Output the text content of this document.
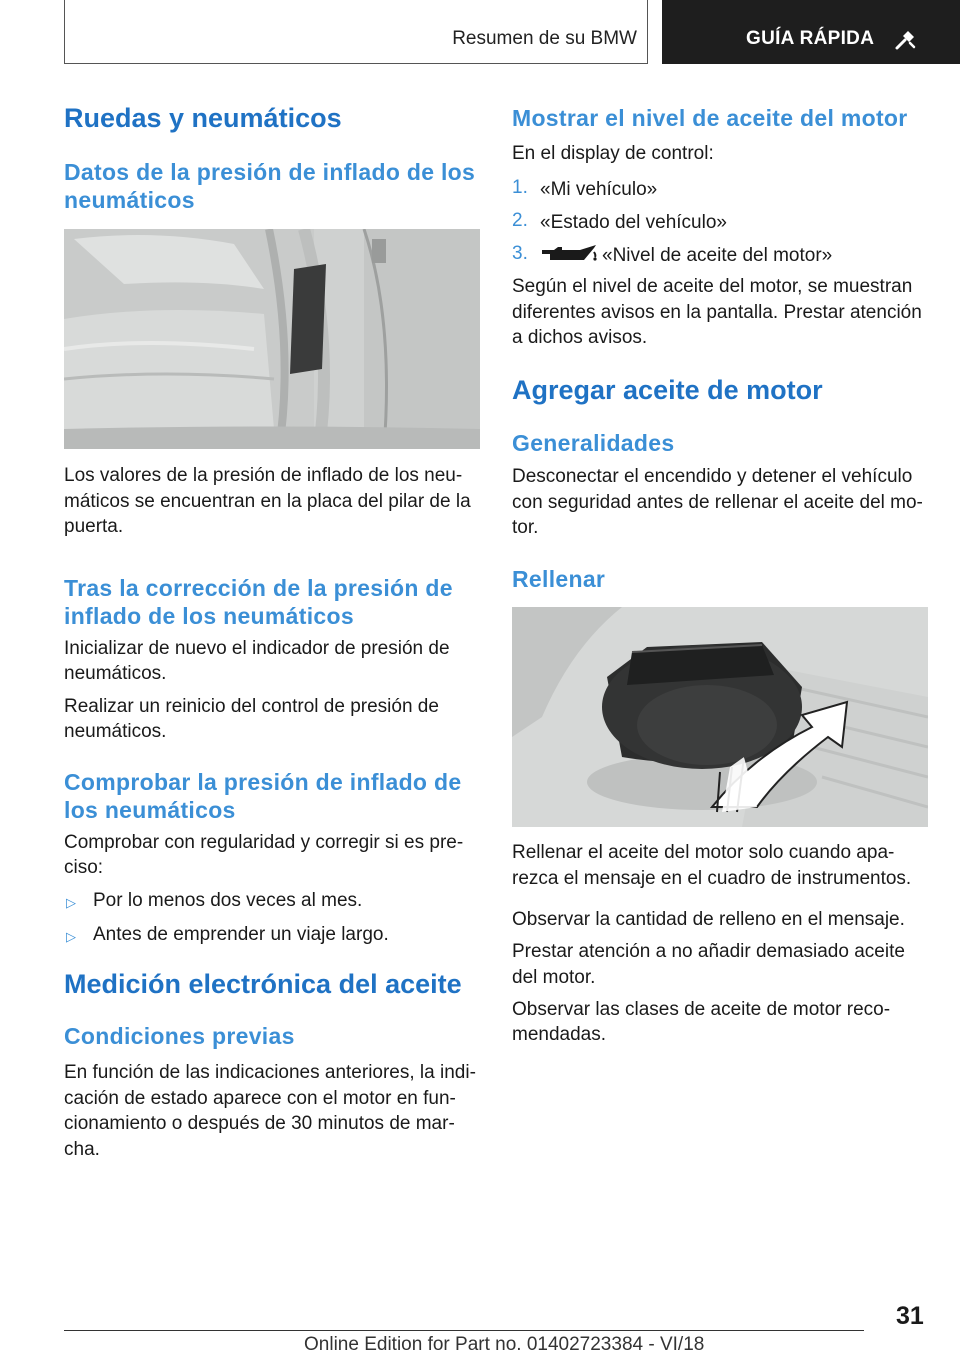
Resumen de su BMW	GUÍA RÁPIDA
Ruedas y neumáticos
Datos de la presión de inflado de los
neumáticos

Los valores de la presión de inflado de los neu-

máticos se encuentran en la placa del pilar de la

puerta.

Tras la corrección de la presión de
inflado de los neumáticos

Inicializar de nuevo el indicador de presión de

neumáticos.

Realizar un reinicio del control de presión de

neumáticos.

Comprobar la presión de inflado de
los neumáticos

Comprobar con regularidad y corregir si es pre-

ciso:

▷ Por lo menos dos veces al mes.

▷ Antes de emprender un viaje largo.

Medición electrónica del aceite
Condiciones previas

En función de las indicaciones anteriores, la indi-

cación de estado aparece con el motor en fun-

cionamiento o después de 30 minutos de mar-

cha.

Mostrar el nivel de aceite del motor

En el display de control:

1. «Mi vehículo»

2. «Estado del vehículo»

3.	«Nivel de aceite del motor»

Según el nivel de aceite del motor, se muestran

diferentes avisos en la pantalla. Prestar atención

a dichos avisos.

Agregar aceite de motor
Generalidades

Desconectar el encendido y detener el vehículo

con seguridad antes de rellenar el aceite del mo-

tor.

Rellenar

Rellenar el aceite del motor solo cuando apa-

rezca el mensaje en el cuadro de instrumentos.

Observar la cantidad de relleno en el mensaje.

Prestar atención a no añadir demasiado aceite

del motor.

Observar las clases de aceite de motor reco-

mendadas.

31
Online Edition for Part no. 01402723384 - VI/18
